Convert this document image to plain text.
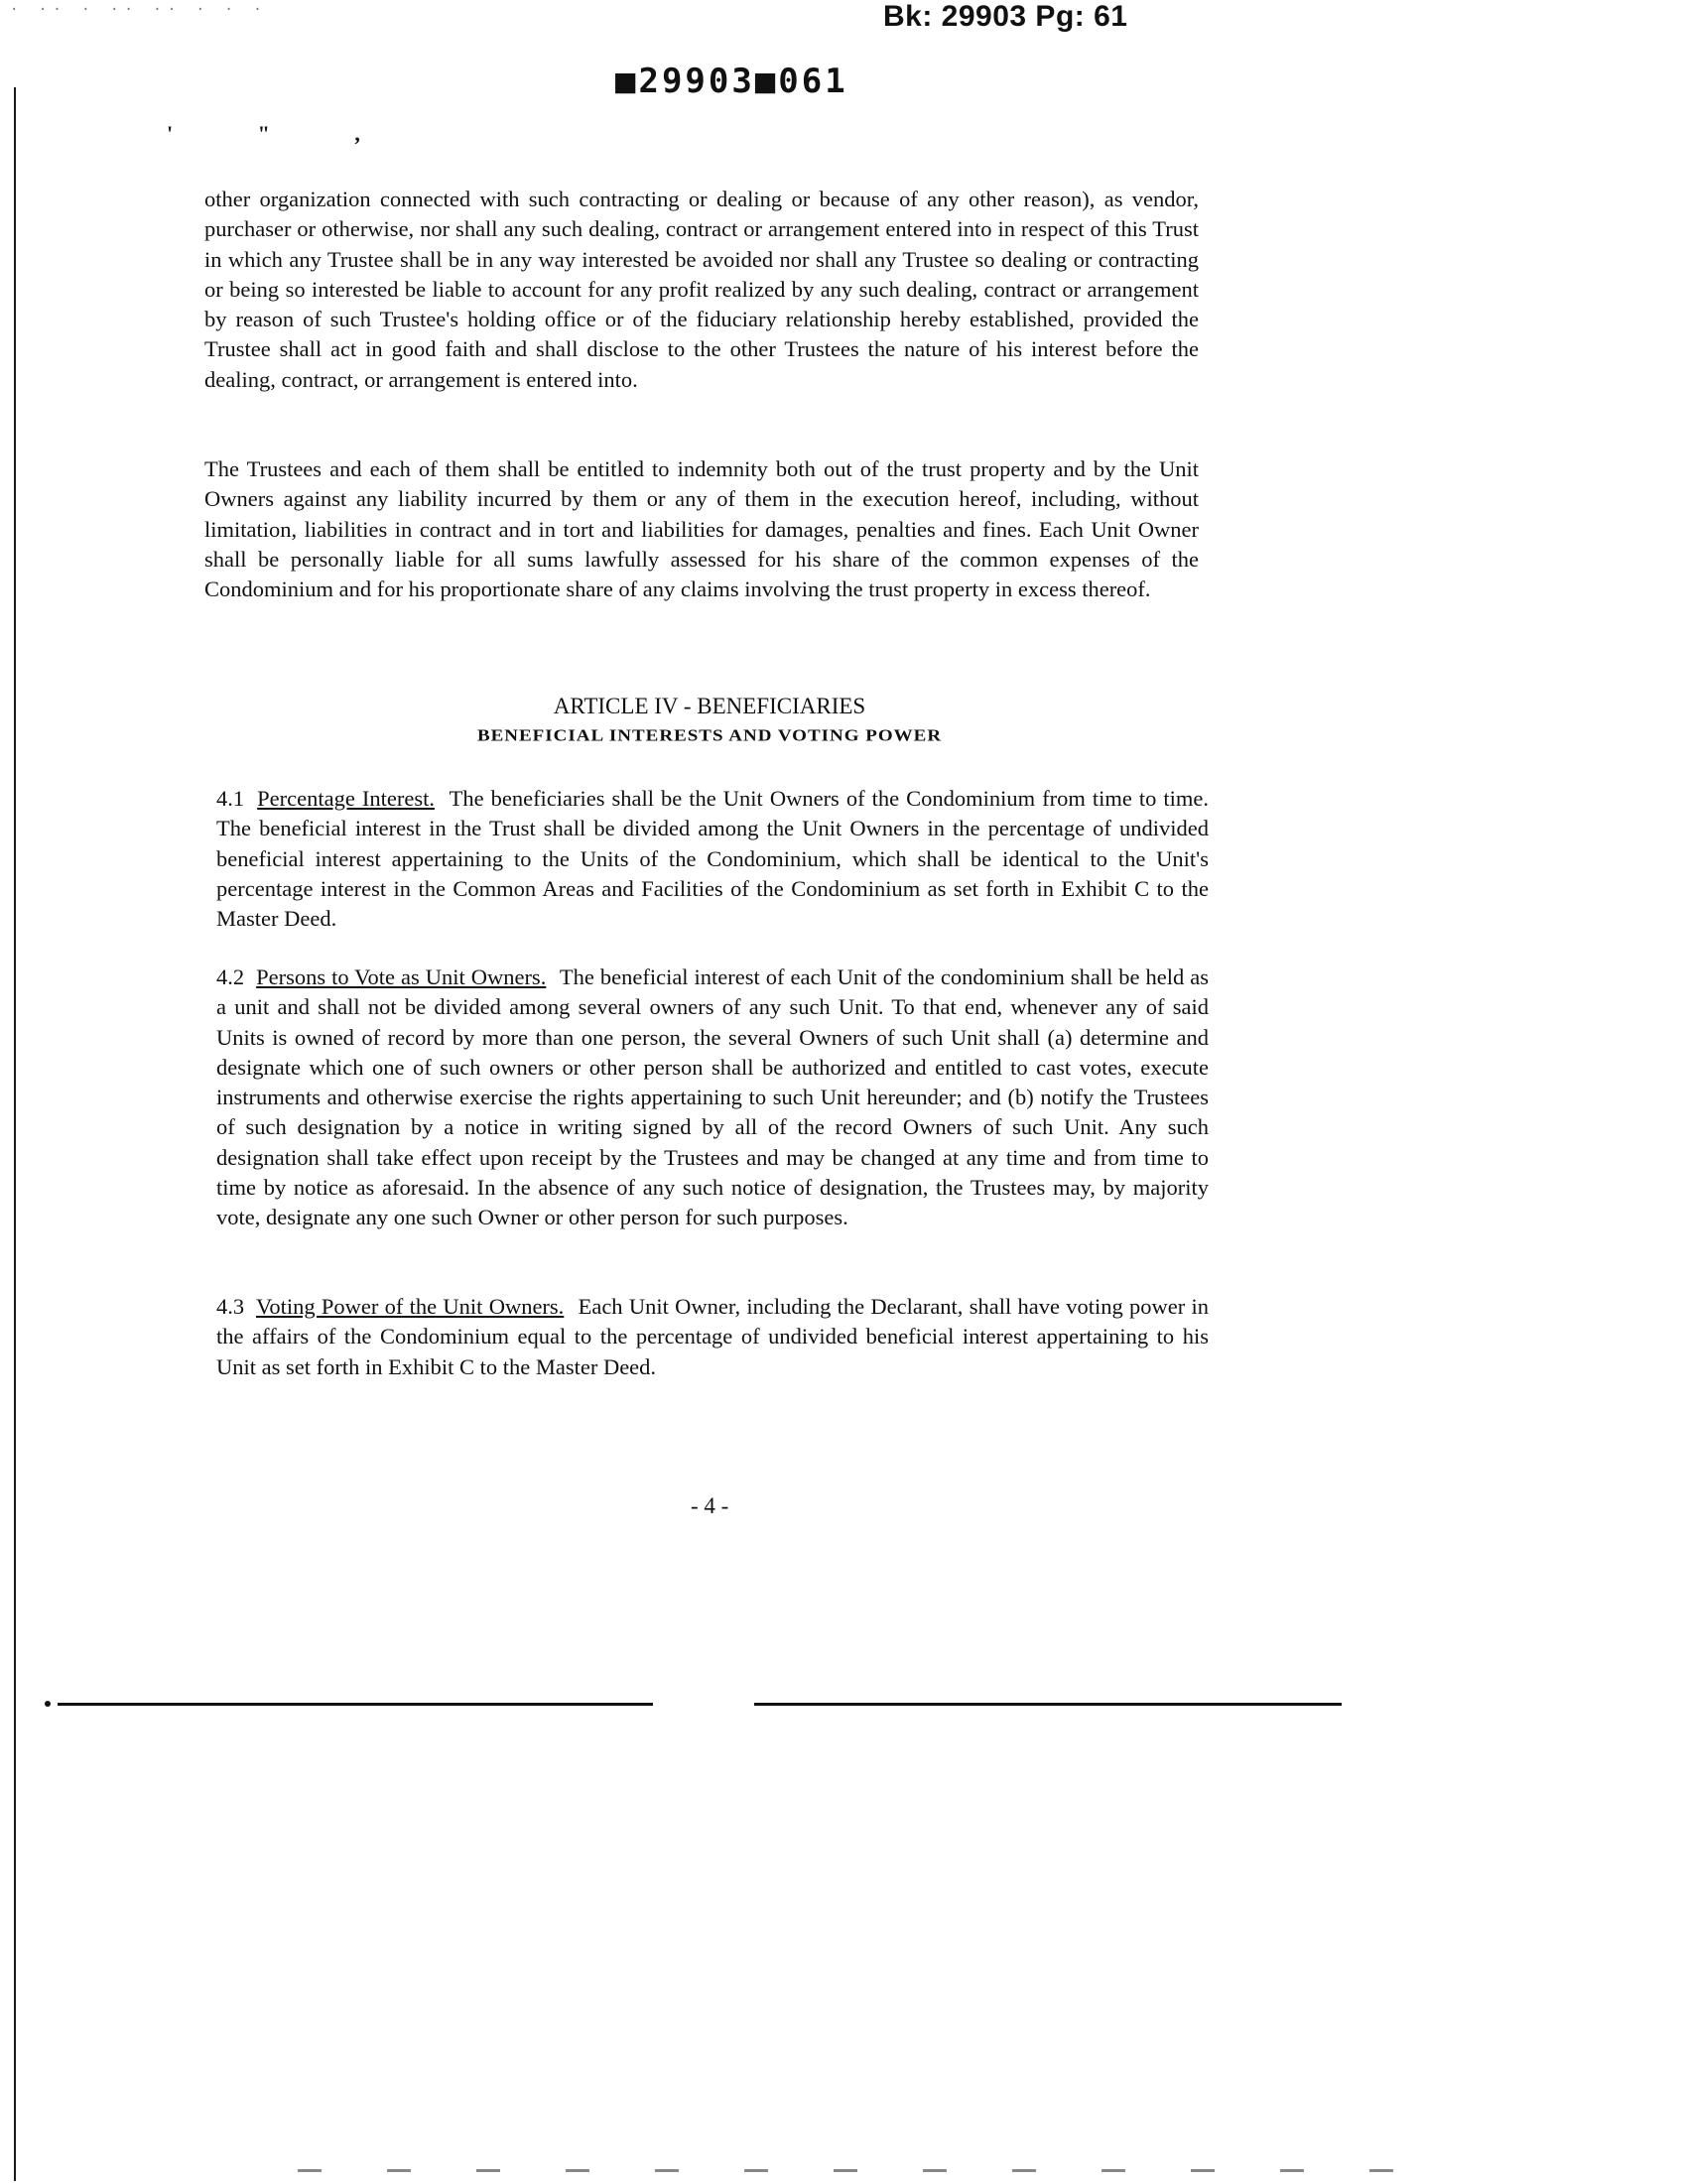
· ·· · ·· ·· · · ·	Bk: 29903 Pg: 61
■29903■061
' " ,

other organization connected with such contracting or dealing or because of any other reason), as vendor, purchaser or otherwise, nor shall any such dealing, contract or arrangement entered into in respect of this Trust in which any Trustee shall be in any way interested be avoided nor shall any Trustee so dealing or contracting or being so interested be liable to account for any profit realized by any such dealing, contract or arrangement by reason of such Trustee's holding office or of the fiduciary relationship hereby established, provided the Trustee shall act in good faith and shall disclose to the other Trustees the nature of his interest before the dealing, contract, or arrangement is entered into.

The Trustees and each of them shall be entitled to indemnity both out of the trust property and by the Unit Owners against any liability incurred by them or any of them in the execution hereof, including, without limitation, liabilities in contract and in tort and liabilities for damages, penalties and fines. Each Unit Owner shall be personally liable for all sums lawfully assessed for his share of the common expenses of the Condominium and for his proportionate share of any claims involving the trust property in excess thereof.

ARTICLE IV - BENEFICIARIES
BENEFICIAL INTERESTS AND VOTING POWER

4.1 Percentage Interest. The beneficiaries shall be the Unit Owners of the Condominium from time to time. The beneficial interest in the Trust shall be divided among the Unit Owners in the percentage of undivided beneficial interest appertaining to the Units of the Condominium, which shall be identical to the Unit's percentage interest in the Common Areas and Facilities of the Condominium as set forth in Exhibit C to the Master Deed.

4.2 Persons to Vote as Unit Owners. The beneficial interest of each Unit of the condominium shall be held as a unit and shall not be divided among several owners of any such Unit. To that end, whenever any of said Units is owned of record by more than one person, the several Owners of such Unit shall (a) determine and designate which one of such owners or other person shall be authorized and entitled to cast votes, execute instruments and otherwise exercise the rights appertaining to such Unit hereunder; and (b) notify the Trustees of such designation by a notice in writing signed by all of the record Owners of such Unit. Any such designation shall take effect upon receipt by the Trustees and may be changed at any time and from time to time by notice as aforesaid. In the absence of any such notice of designation, the Trustees may, by majority vote, designate any one such Owner or other person for such purposes.

4.3 Voting Power of the Unit Owners. Each Unit Owner, including the Declarant, shall have voting power in the affairs of the Condominium equal to the percentage of undivided beneficial interest appertaining to his Unit as set forth in Exhibit C to the Master Deed.

- 4 -
